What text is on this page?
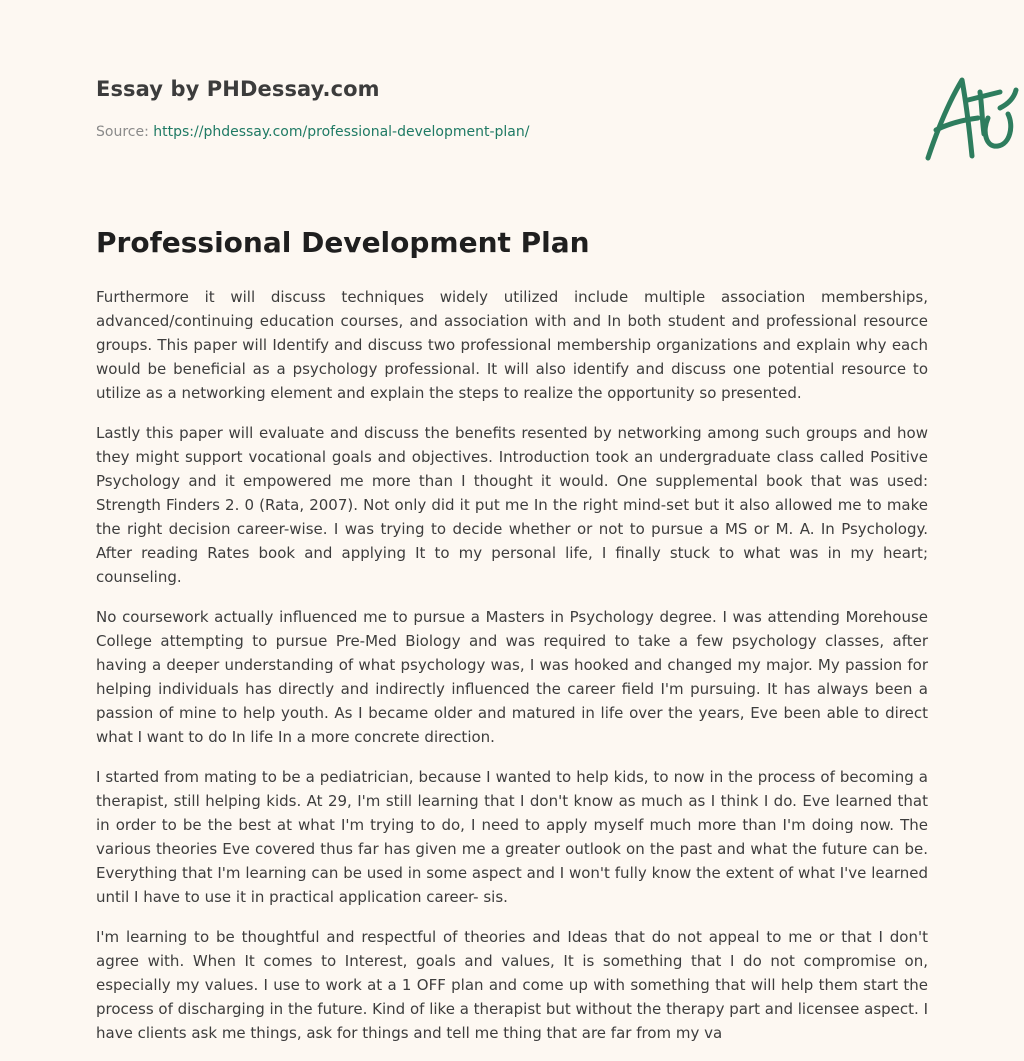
Essay by PHDessay.com
Source: https://phdessay.com/professional-development-plan/
Professional Development Plan

Furthermore it will discuss techniques widely utilized include multiple association memberships, advanced/continuing education courses, and association with and In both student and professional resource groups. This paper will Identify and discuss two professional membership organizations and explain why each would be beneficial as a psychology professional. It will also identify and discuss one potential resource to utilize as a networking element and explain the steps to realize the opportunity so presented.

Lastly this paper will evaluate and discuss the benefits resented by networking among such groups and how they might support vocational goals and objectives. Introduction took an undergraduate class called Positive Psychology and it empowered me more than I thought it would. One supplemental book that was used: Strength Finders 2. 0 (Rata, 2007). Not only did it put me In the right mind-set but it also allowed me to make the right decision career-wise. I was trying to decide whether or not to pursue a MS or M. A. In Psychology. After reading Rates book and applying It to my personal life, I finally stuck to what was in my heart; counseling.

No coursework actually influenced me to pursue a Masters in Psychology degree. I was attending Morehouse College attempting to pursue Pre-Med Biology and was required to take a few psychology classes, after having a deeper understanding of what psychology was, I was hooked and changed my major. My passion for helping individuals has directly and indirectly influenced the career field I'm pursuing. It has always been a passion of mine to help youth. As I became older and matured in life over the years, Eve been able to direct what I want to do In life In a more concrete direction.

I started from mating to be a pediatrician, because I wanted to help kids, to now in the process of becoming a therapist, still helping kids. At 29, I'm still learning that I don't know as much as I think I do. Eve learned that in order to be the best at what I'm trying to do, I need to apply myself much more than I'm doing now. The various theories Eve covered thus far has given me a greater outlook on the past and what the future can be. Everything that I'm learning can be used in some aspect and I won't fully know the extent of what I've learned until I have to use it in practical application career- sis.

I'm learning to be thoughtful and respectful of theories and Ideas that do not appeal to me or that I don't agree with. When It comes to Interest, goals and values, It is something that I do not compromise on, especially my values. I use to work at a 1 OFF plan and come up with something that will help them start the process of discharging in the future. Kind of like a therapist but without the therapy part and licensee aspect. I have clients ask me things, ask for things and tell me thing that are far from my va
